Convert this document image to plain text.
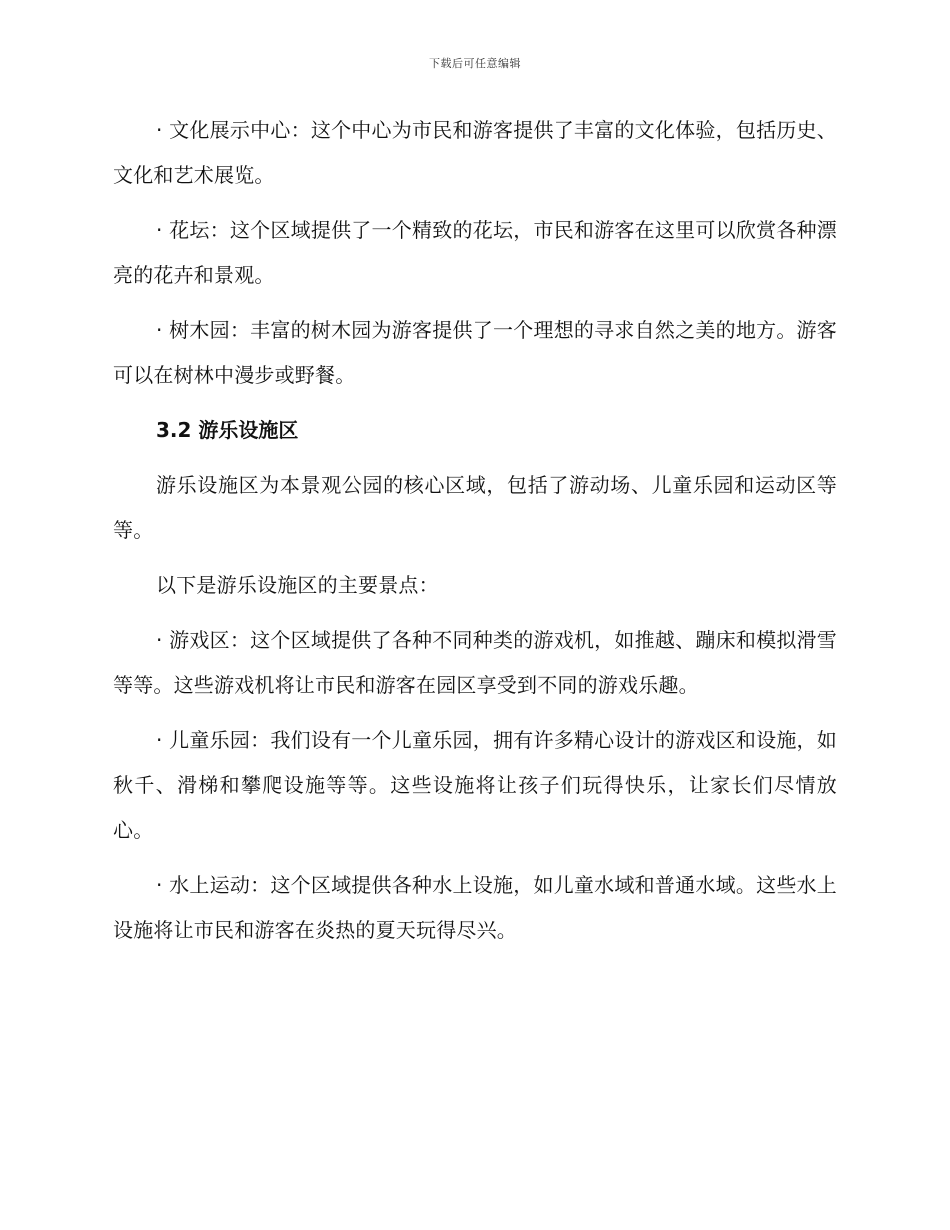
下载后可任意编辑

· 文化展示中心：这个中心为市民和游客提供了丰富的文化体验，包括历史、文化和艺术展览。

· 花坛：这个区域提供了一个精致的花坛，市民和游客在这里可以欣赏各种漂亮的花卉和景观。

· 树木园：丰富的树木园为游客提供了一个理想的寻求自然之美的地方。游客可以在树林中漫步或野餐。

3.2 游乐设施区

游乐设施区为本景观公园的核心区域，包括了游动场、儿童乐园和运动区等等。

以下是游乐设施区的主要景点：

· 游戏区：这个区域提供了各种不同种类的游戏机，如推越、蹦床和模拟滑雪等等。这些游戏机将让市民和游客在园区享受到不同的游戏乐趣。

· 儿童乐园：我们设有一个儿童乐园，拥有许多精心设计的游戏区和设施，如秋千、滑梯和攀爬设施等等。这些设施将让孩子们玩得快乐，让家长们尽情放心。

· 水上运动：这个区域提供各种水上设施，如儿童水域和普通水域。这些水上设施将让市民和游客在炎热的夏天玩得尽兴。
